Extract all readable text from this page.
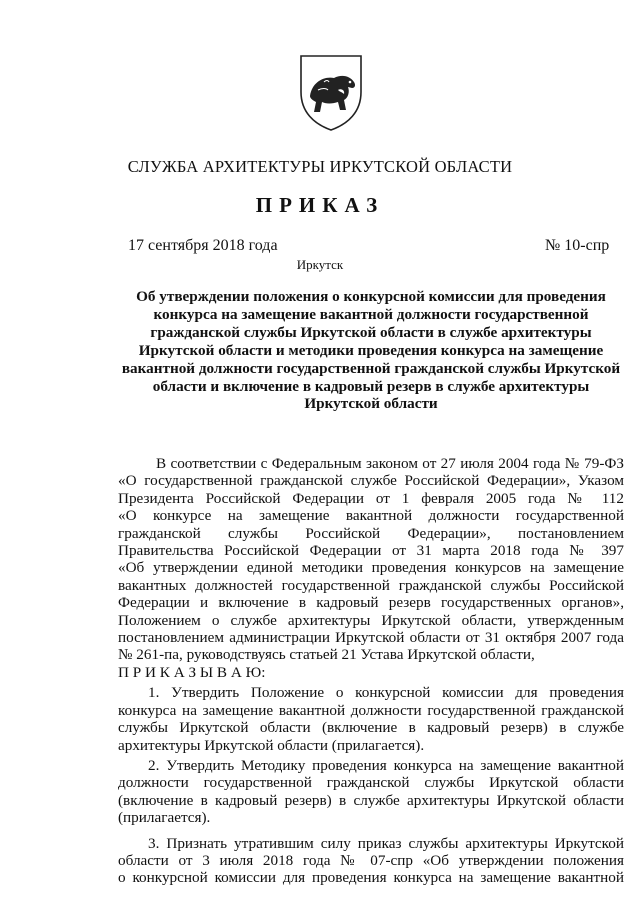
СЛУЖБА АРХИТЕКТУРЫ ИРКУТСКОЙ ОБЛАСТИ
ПРИКАЗ
17 сентября 2018 года	№ 10-спр
Иркутск
Об утверждении положения о конкурсной комиссии для проведения
конкурса на замещение вакантной должности государственной
гражданской службы Иркутской области в службе архитектуры
Иркутской области и методики проведения конкурса на замещение
вакантной должности государственной гражданской службы Иркутской
области и включение в кадровый резерв в службе архитектуры
Иркутской области
В соответствии с Федеральным законом от 27 июля 2004 года № 79-ФЗ
«О государственной гражданской службе Российской Федерации», Указом
Президента Российской Федерации от 1 февраля 2005 года № 112
«О конкурсе на замещение вакантной должности государственной
гражданской службы Российской Федерации», постановлением
Правительства Российской Федерации от 31 марта 2018 года № 397
«Об утверждении единой методики проведения конкурсов на замещение
вакантных должностей государственной гражданской службы Российской
Федерации и включение в кадровый резерв государственных органов»,
Положением о службе архитектуры Иркутской области, утвержденным
постановлением администрации Иркутской области от 31 октября 2007 года
№ 261-па, руководствуясь статьей 21 Устава Иркутской области,
П Р И К А З Ы В А Ю:
1. Утвердить Положение о конкурсной комиссии для проведения
конкурса на замещение вакантной должности государственной гражданской
службы Иркутской области (включение в кадровый резерв) в службе
архитектуры Иркутской области (прилагается).
2. Утвердить Методику проведения конкурса на замещение вакантной
должности государственной гражданской службы Иркутской области
(включение в кадровый резерв) в службе архитектуры Иркутской области
(прилагается).
3. Признать утратившим силу приказ службы архитектуры Иркутской
области от 3 июля 2018 года № 07-спр «Об утверждении положения
о конкурсной комиссии для проведения конкурса на замещение вакантной
